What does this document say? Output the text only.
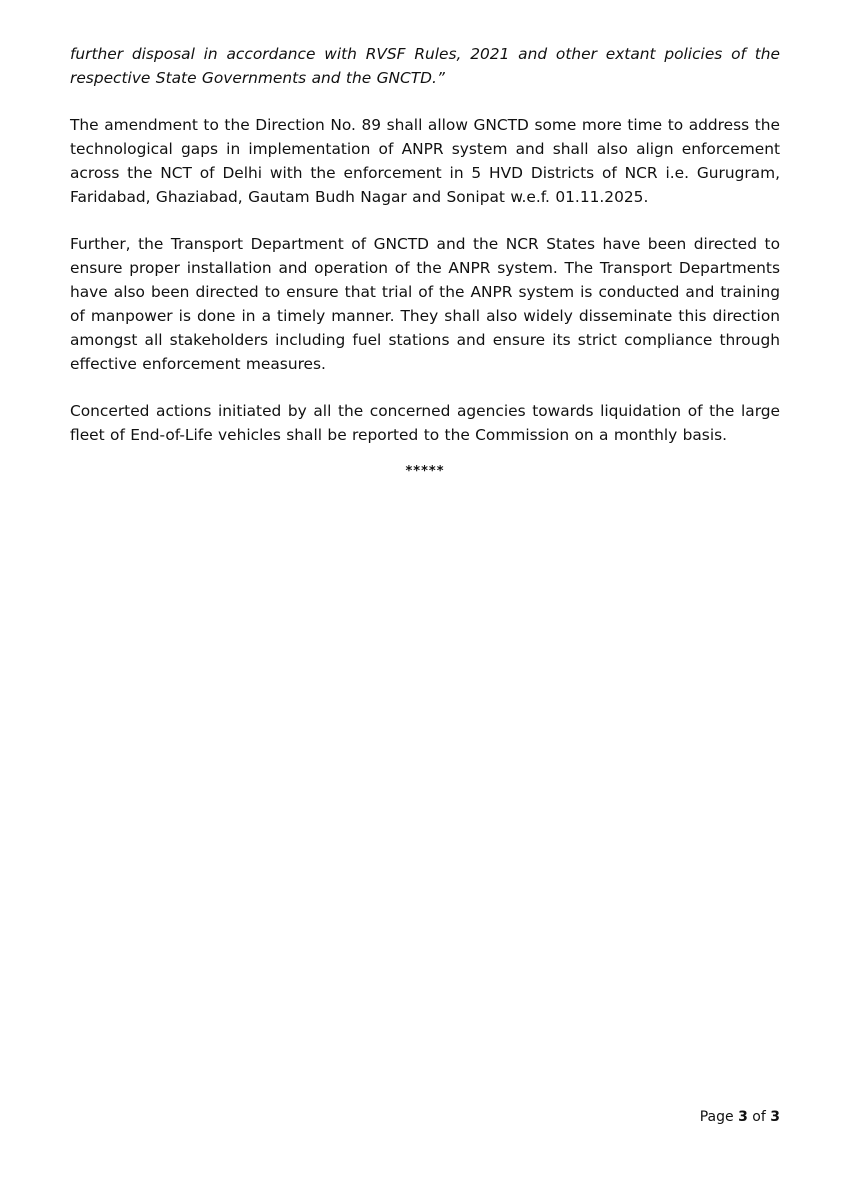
further disposal in accordance with RVSF Rules, 2021 and other extant policies of the respective State Governments and the GNCTD.”

The amendment to the Direction No. 89 shall allow GNCTD some more time to address the technological gaps in implementation of ANPR system and shall also align enforcement across the NCT of Delhi with the enforcement in 5 HVD Districts of NCR i.e. Gurugram, Faridabad, Ghaziabad, Gautam Budh Nagar and Sonipat w.e.f. 01.11.2025.

Further, the Transport Department of GNCTD and the NCR States have been directed to ensure proper installation and operation of the ANPR system. The Transport Departments have also been directed to ensure that trial of the ANPR system is conducted and training of manpower is done in a timely manner. They shall also widely disseminate this direction amongst all stakeholders including fuel stations and ensure its strict compliance through effective enforcement measures.

Concerted actions initiated by all the concerned agencies towards liquidation of the large fleet of End-of-Life vehicles shall be reported to the Commission on a monthly basis.

*****
Page 3 of 3
